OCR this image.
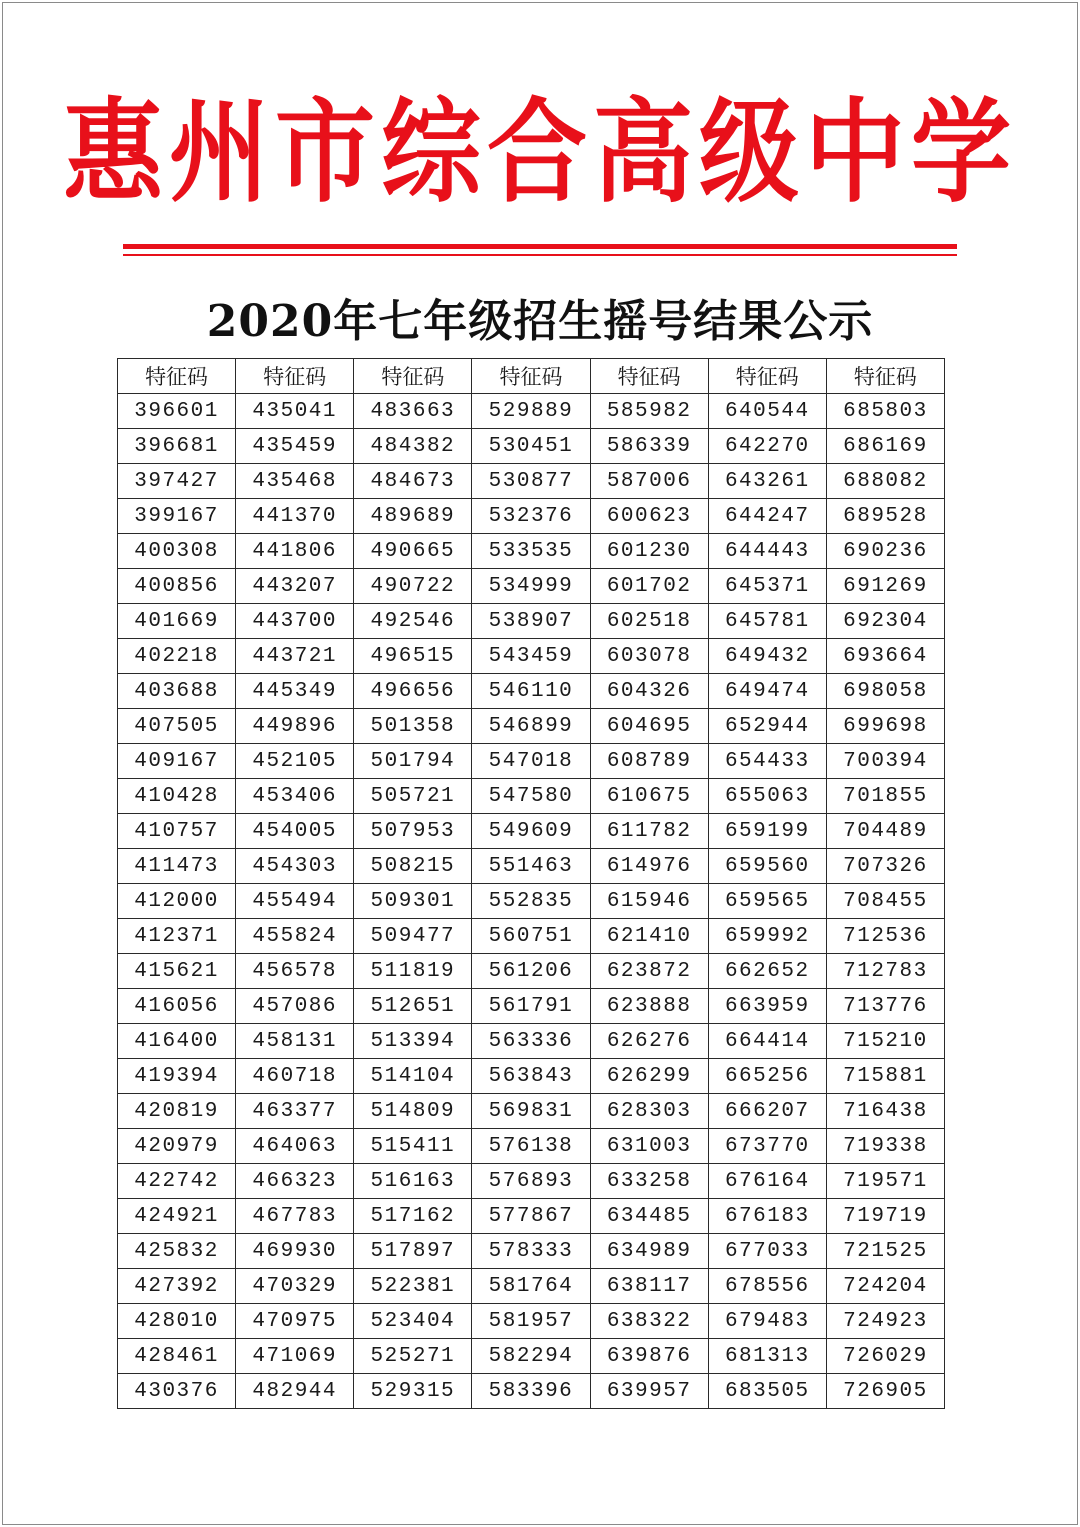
惠州市综合高级中学
2020年七年级招生摇号结果公示
特征码	特征码	特征码	特征码	特征码	特征码	特征码
396601	435041	483663	529889	585982	640544	685803
396681	435459	484382	530451	586339	642270	686169
397427	435468	484673	530877	587006	643261	688082
399167	441370	489689	532376	600623	644247	689528
400308	441806	490665	533535	601230	644443	690236
400856	443207	490722	534999	601702	645371	691269
401669	443700	492546	538907	602518	645781	692304
402218	443721	496515	543459	603078	649432	693664
403688	445349	496656	546110	604326	649474	698058
407505	449896	501358	546899	604695	652944	699698
409167	452105	501794	547018	608789	654433	700394
410428	453406	505721	547580	610675	655063	701855
410757	454005	507953	549609	611782	659199	704489
411473	454303	508215	551463	614976	659560	707326
412000	455494	509301	552835	615946	659565	708455
412371	455824	509477	560751	621410	659992	712536
415621	456578	511819	561206	623872	662652	712783
416056	457086	512651	561791	623888	663959	713776
416400	458131	513394	563336	626276	664414	715210
419394	460718	514104	563843	626299	665256	715881
420819	463377	514809	569831	628303	666207	716438
420979	464063	515411	576138	631003	673770	719338
422742	466323	516163	576893	633258	676164	719571
424921	467783	517162	577867	634485	676183	719719
425832	469930	517897	578333	634989	677033	721525
427392	470329	522381	581764	638117	678556	724204
428010	470975	523404	581957	638322	679483	724923
428461	471069	525271	582294	639876	681313	726029
430376	482944	529315	583396	639957	683505	726905
